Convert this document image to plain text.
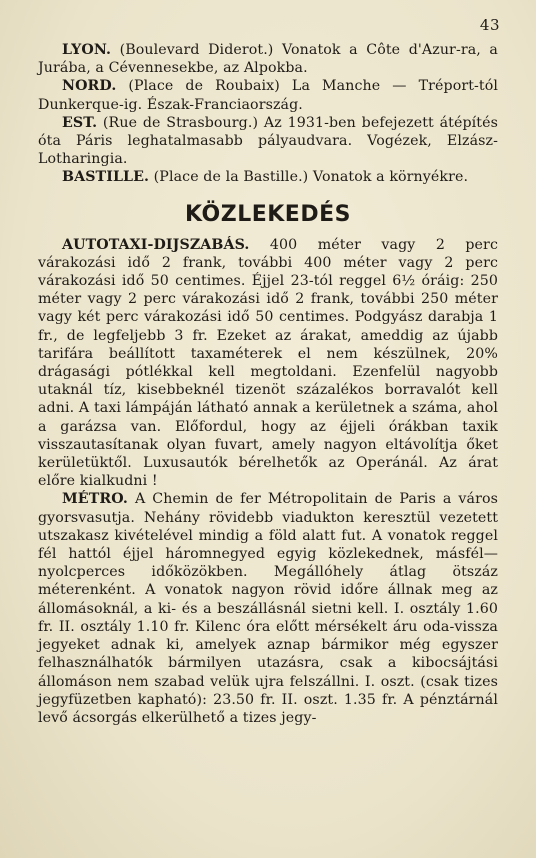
43

LYON. (Boulevard Diderot.) Vonatok a Côte d'Azur-ra, a Jurába, a Cévennesekbe, az Alpokba.

NORD. (Place de Roubaix) La Manche — Tréport-tól Dunkerque-ig. Észak-Franciaország.

EST. (Rue de Strasbourg.) Az 1931-ben befejezett átépítés óta Páris leghatalmasabb pályaudvara. Vogézek, Elzász-Lotharingia.

BASTILLE. (Place de la Bastille.) Vonatok a környékre.

KÖZLEKEDÉS

AUTOTAXI-DIJSZABÁS. 400 méter vagy 2 perc várakozási idő 2 frank, további 400 méter vagy 2 perc várakozási idő 50 centimes. Éjjel 23-tól reggel 6½ óráig: 250 méter vagy 2 perc várakozási idő 2 frank, további 250 méter vagy két perc várakozási idő 50 centimes. Podgyász darabja 1 fr., de legfeljebb 3 fr. Ezeket az árakat, ameddig az újabb tarifára beállított taxaméterek el nem készülnek, 20% drágasági pótlékkal kell megtoldani. Ezenfelül nagyobb utaknál tíz, kisebbeknél tizenöt százalékos borravalót kell adni. A taxi lámpáján látható annak a kerületnek a száma, ahol a garázsa van. Előfordul, hogy az éjjeli órákban taxik visszautasítanak olyan fuvart, amely nagyon eltávolítja őket kerületüktől. Luxusautók bérelhetők az Operánál. Az árat előre kialkudni !

MÉTRO. A Chemin de fer Métropolitain de Paris a város gyorsvasutja. Nehány rövidebb viadukton keresztül vezetett utszakasz kivételével mindig a föld alatt fut. A vonatok reggel fél hattól éjjel háromnegyed egyig közlekednek, másfél—nyolcperces időközökben. Megállóhely átlag ötszáz méterenként. A vonatok nagyon rövid időre állnak meg az állomásoknál, a ki- és a beszállásnál sietni kell. I. osztály 1.60 fr. II. osztály 1.10 fr. Kilenc óra előtt mérsékelt áru oda-vissza jegyeket adnak ki, amelyek aznap bármikor még egyszer felhasználhatók bármilyen utazásra, csak a kibocsájtási állomáson nem szabad velük ujra felszállni. I. oszt. (csak tizes jegyfüzetben kapható): 23.50 fr. II. oszt. 1.35 fr. A pénztárnál levő ácsorgás elkerülhető a tizes jegy-
